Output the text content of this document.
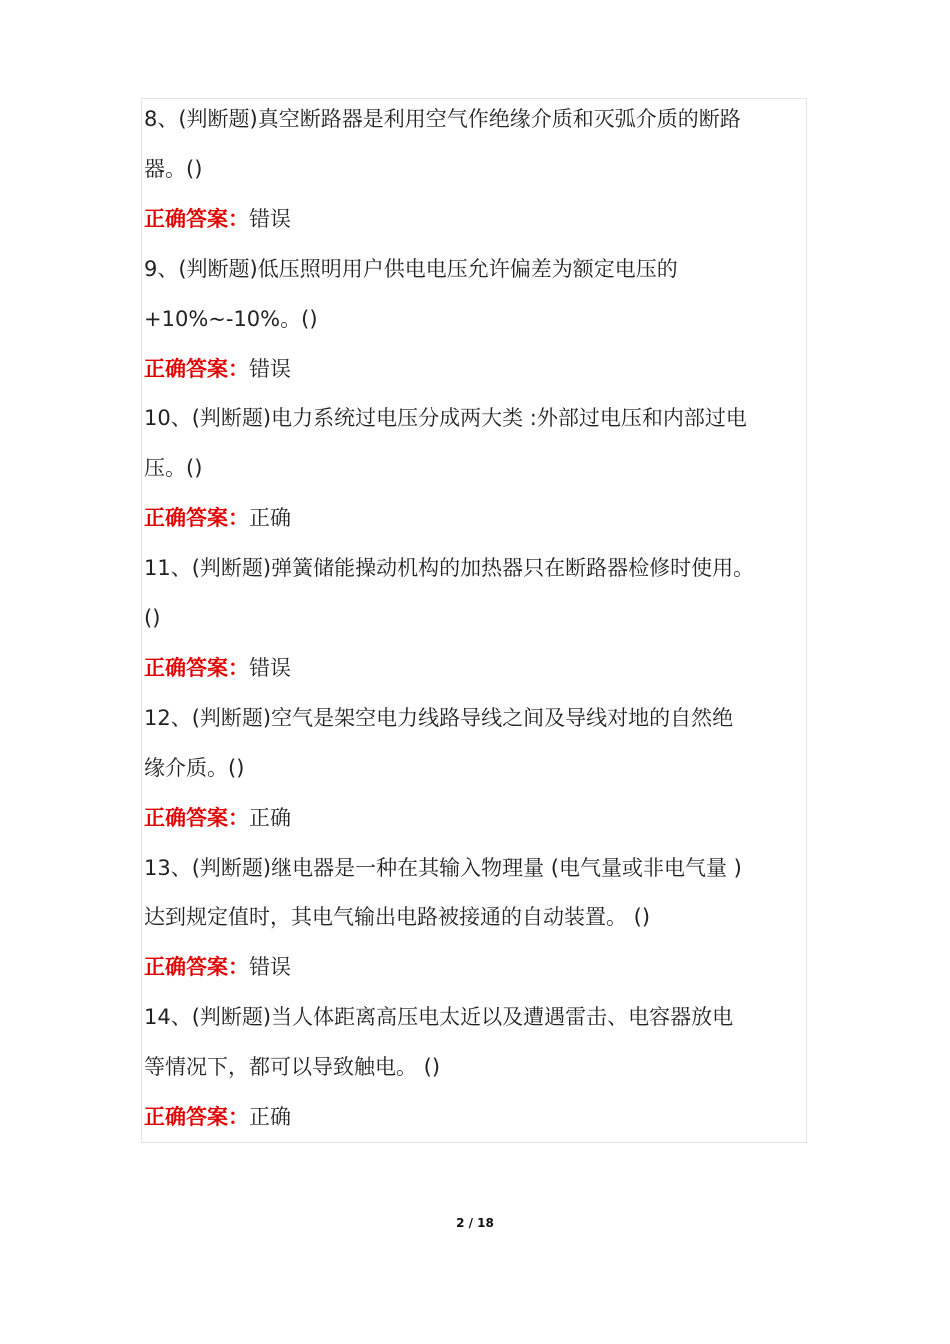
8、(判断题)真空断路器是利用空气作绝缘介质和灭弧介质的断路
器。()
正确答案：错误
9、(判断题)低压照明用户供电电压允许偏差为额定电压的
+10%~-10%。()
正确答案：错误
10、(判断题)电力系统过电压分成两大类 :外部过电压和内部过电
压。()
正确答案：正确
11、(判断题)弹簧储能操动机构的加热器只在断路器检修时使用。
()
正确答案：错误
12、(判断题)空气是架空电力线路导线之间及导线对地的自然绝
缘介质。()
正确答案：正确
13、(判断题)继电器是一种在其输入物理量 (电气量或非电气量 )
达到规定值时，其电气输出电路被接通的自动装置。 ()
正确答案：错误
14、(判断题)当人体距离高压电太近以及遭遇雷击、电容器放电
等情况下，都可以导致触电。 ()
正确答案：正确
2 / 18
